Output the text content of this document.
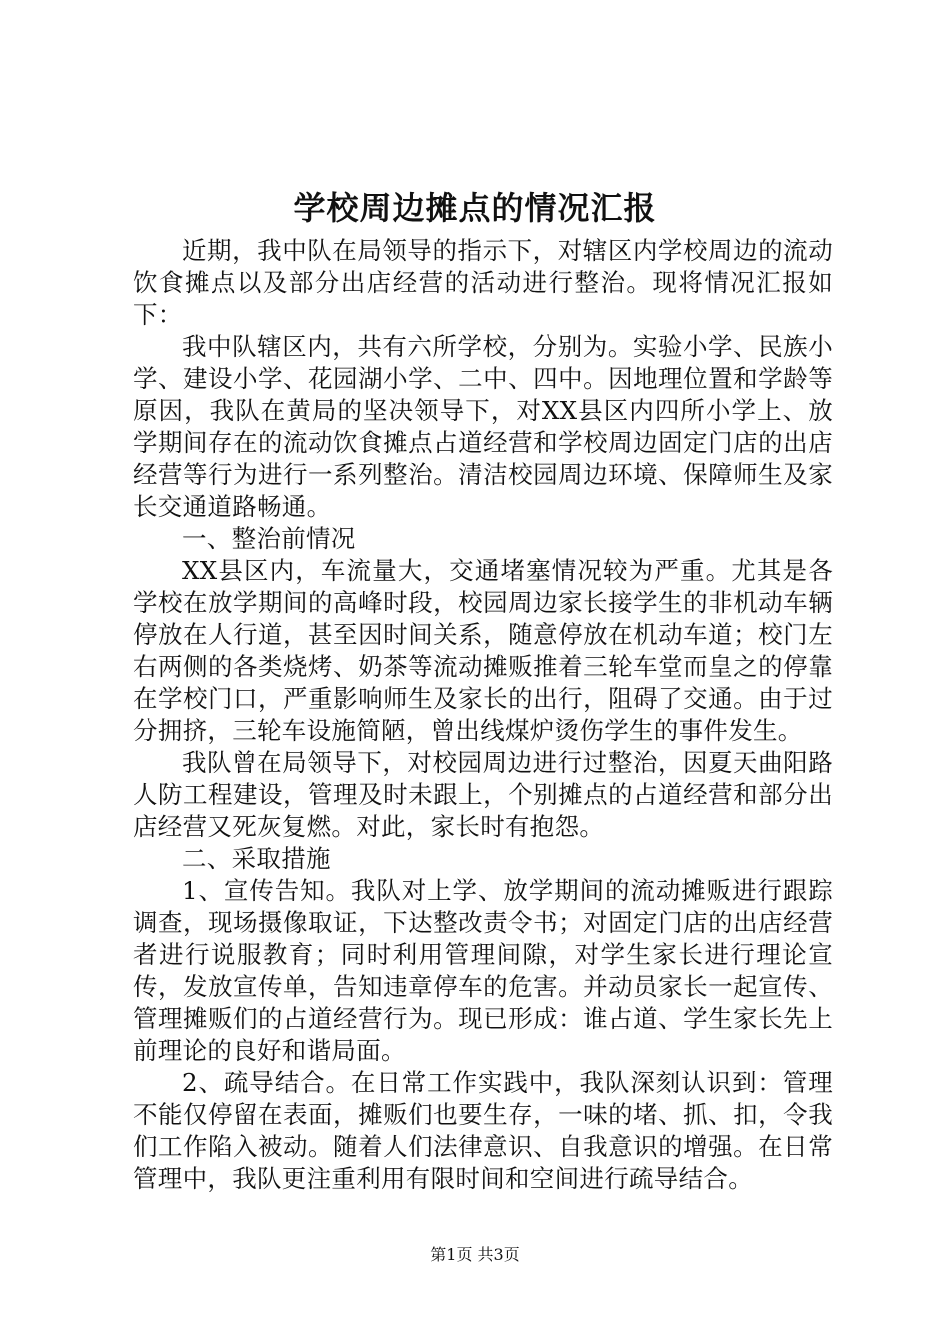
学校周边摊点的情况汇报

近期，我中队在局领导的指示下，对辖区内学校周边的流动饮食摊点以及部分出店经营的活动进行整治。现将情况汇报如下：

我中队辖区内，共有六所学校，分别为。实验小学、民族小学、建设小学、花园湖小学、二中、四中。因地理位置和学龄等原因，我队在黄局的坚决领导下，对XX县区内四所小学上、放学期间存在的流动饮食摊点占道经营和学校周边固定门店的出店经营等行为进行一系列整治。清洁校园周边环境、保障师生及家长交通道路畅通。

一、整治前情况

XX县区内，车流量大，交通堵塞情况较为严重。尤其是各学校在放学期间的高峰时段，校园周边家长接学生的非机动车辆停放在人行道，甚至因时间关系，随意停放在机动车道；校门左右两侧的各类烧烤、奶茶等流动摊贩推着三轮车堂而皇之的停靠在学校门口，严重影响师生及家长的出行，阻碍了交通。由于过分拥挤，三轮车设施简陋，曾出线煤炉烫伤学生的事件发生。

我队曾在局领导下，对校园周边进行过整治，因夏天曲阳路人防工程建设，管理及时未跟上，个别摊点的占道经营和部分出店经营又死灰复燃。对此，家长时有抱怨。

二、采取措施

1、宣传告知。我队对上学、放学期间的流动摊贩进行跟踪调查，现场摄像取证，下达整改责令书；对固定门店的出店经营者进行说服教育；同时利用管理间隙，对学生家长进行理论宣传，发放宣传单，告知违章停车的危害。并动员家长一起宣传、管理摊贩们的占道经营行为。现已形成：谁占道、学生家长先上前理论的良好和谐局面。

2、疏导结合。在日常工作实践中，我队深刻认识到：管理不能仅停留在表面，摊贩们也要生存，一味的堵、抓、扣，令我们工作陷入被动。随着人们法律意识、自我意识的增强。在日常管理中，我队更注重利用有限时间和空间进行疏导结合。

第1页 共3页
